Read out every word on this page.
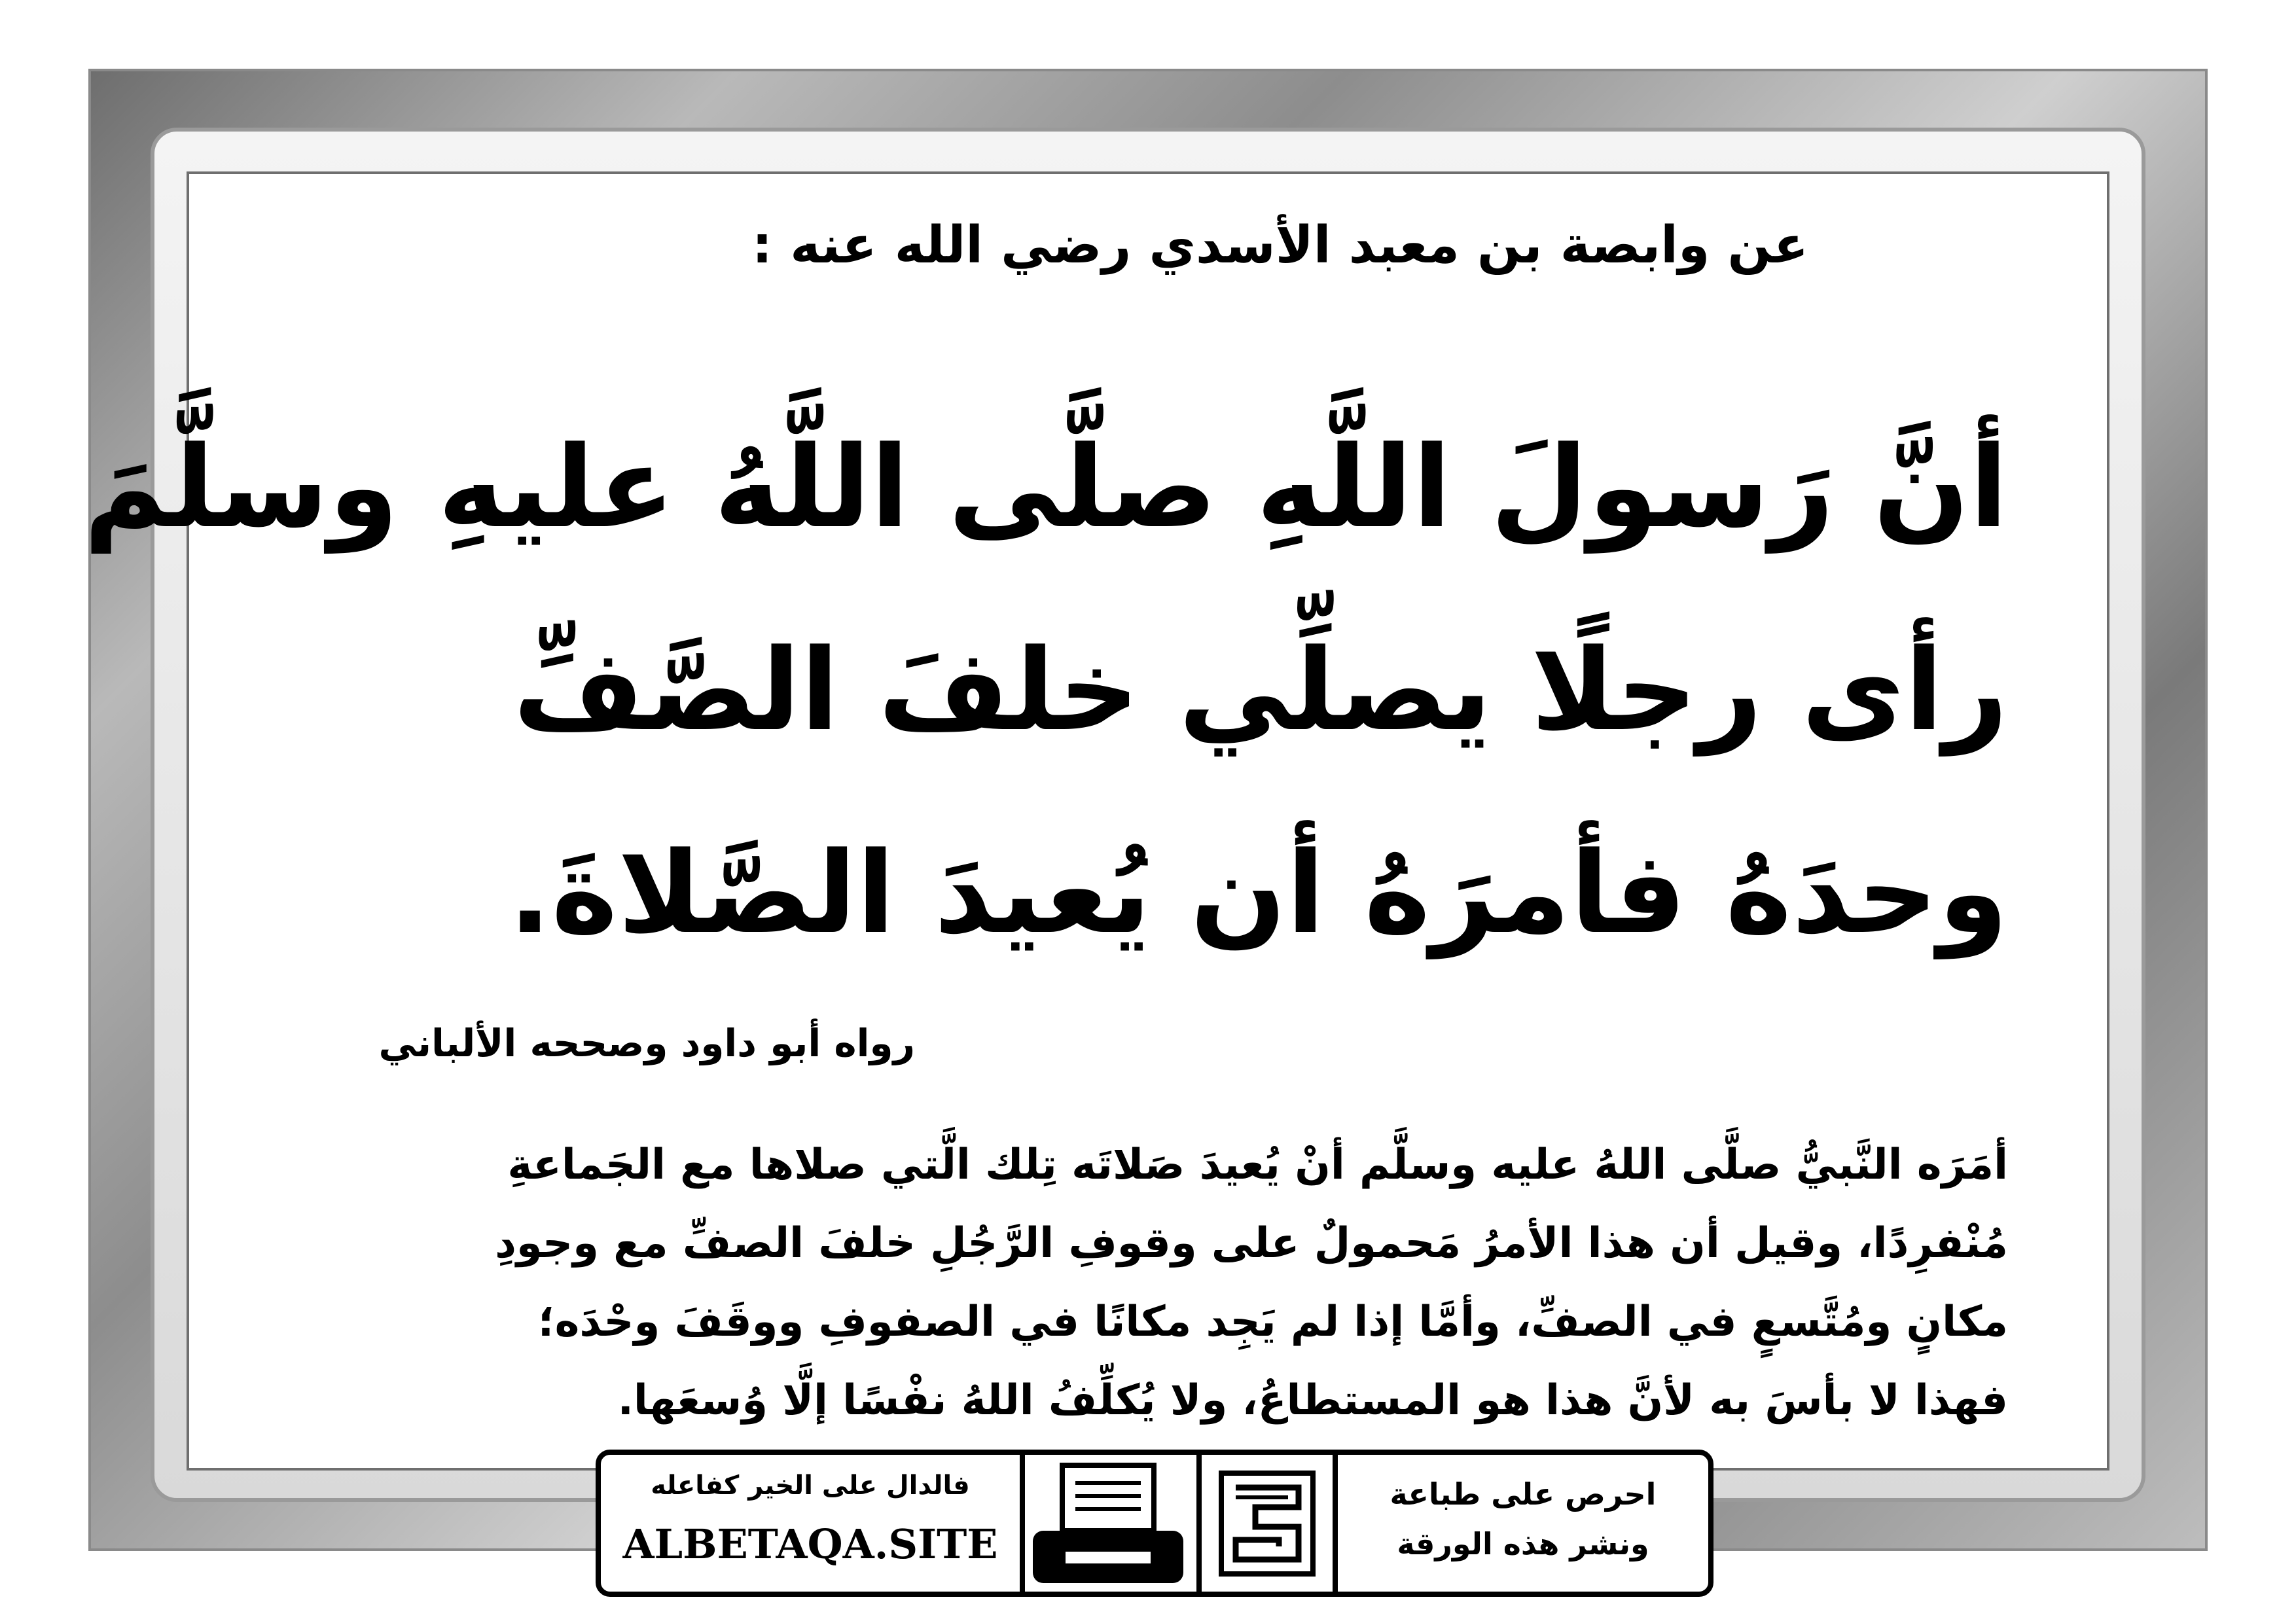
عن وابصة بن معبد الأسدي رضي الله عنه :
أنَّ رَسولَ اللَّهِ صلَّى اللَّهُ عليهِ وسلَّمَ
رأى رجلًا يصلِّي خلفَ الصَّفِّ
وحدَهُ فأمرَهُ أن يُعيدَ الصَّلاةَ.
رواه أبو داود وصححه الألباني
أمَرَه النَّبيُّ صلَّى اللهُ عليه وسلَّم أنْ يُعيدَ صَلاتَه تِلك الَّتي صلاها مع الجَماعةِ
مُنْفرِدًا، وقيل أن هذا الأمرُ مَحمولٌ على وقوفِ الرَّجُلِ خلفَ الصفِّ مع وجودِ
مكانٍ ومُتَّسعٍ في الصفِّ، وأمَّا إذا لم يَجِد مكانًا في الصفوفِ ووقَفَ وحْدَه؛
فهذا لا بأسَ به لأنَّ هذا هو المستطاعُ، ولا يُكلِّفُ اللهُ نفْسًا إلَّا وُسعَها.
فالدال على الخير كفاعله
ALBETAQA.SITE
احرص على طباعة
ونشر هذه الورقة
